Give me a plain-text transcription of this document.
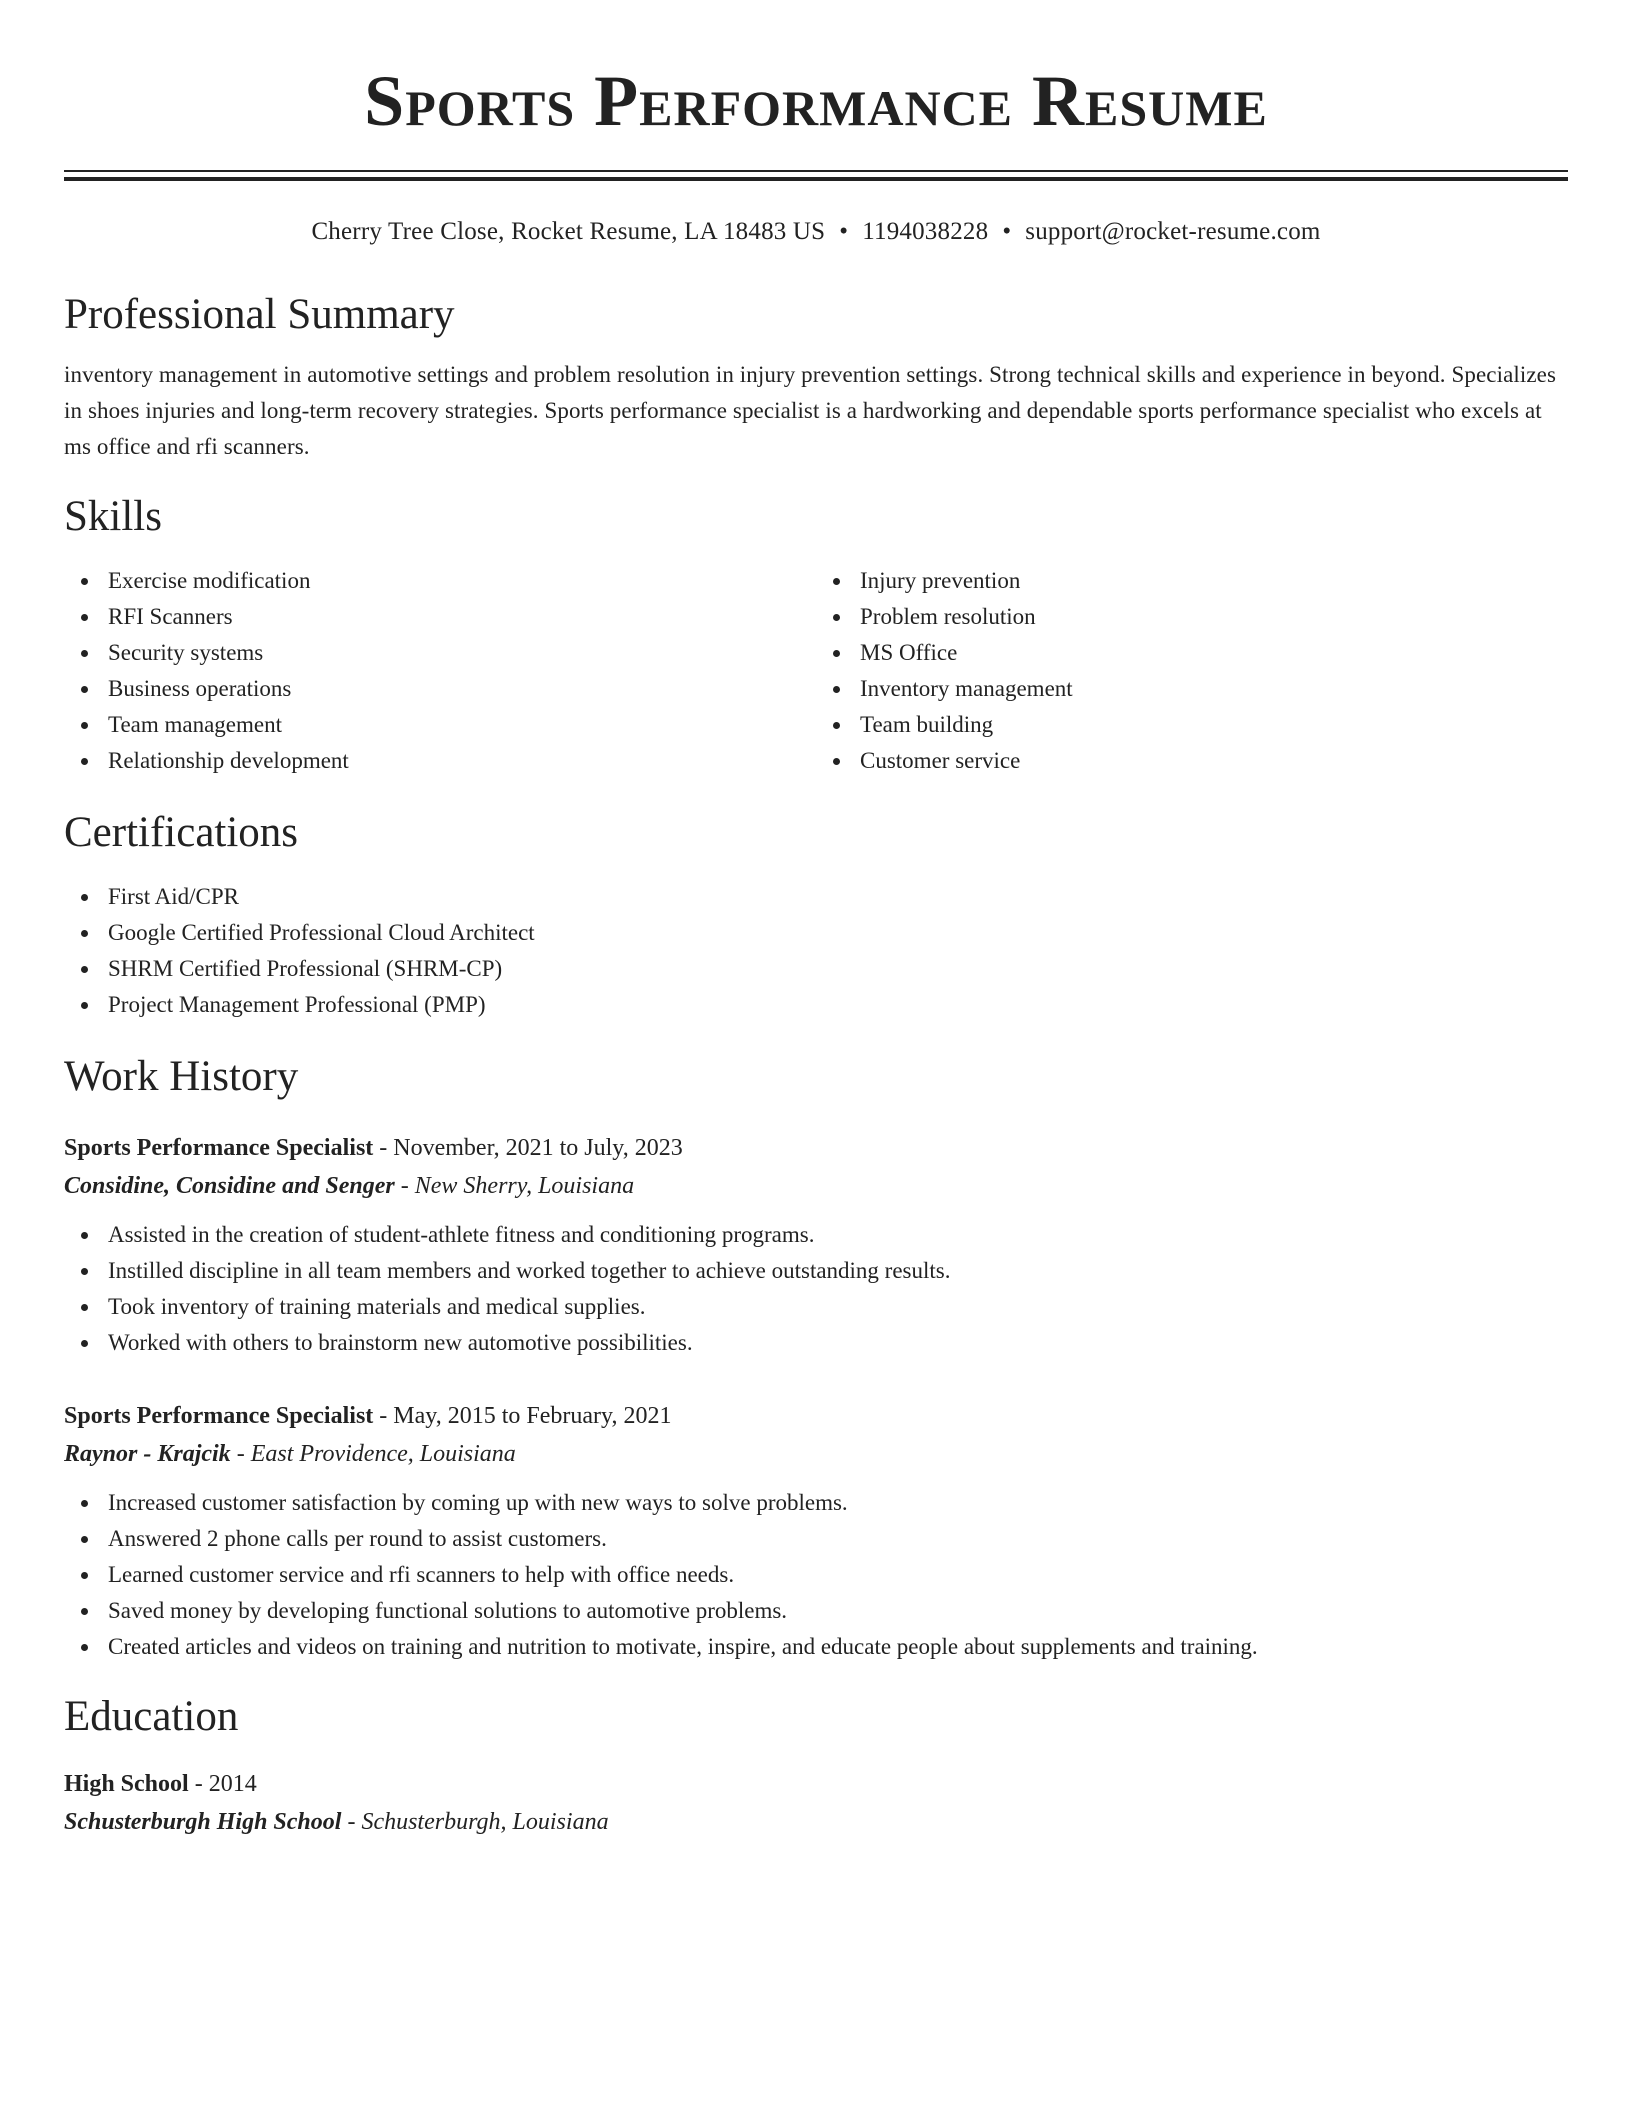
Sports Performance Resume
Cherry Tree Close, Rocket Resume, LA 18483 US • 1194038228 • support@rocket-resume.com
Professional Summary
inventory management in automotive settings and problem resolution in injury prevention settings. Strong technical skills and experience in beyond. Specializes in shoes injuries and long-term recovery strategies. Sports performance specialist is a hardworking and dependable sports performance specialist who excels at ms office and rfi scanners.
Skills
Exercise modification
RFI Scanners
Security systems
Business operations
Team management
Relationship development
Injury prevention
Problem resolution
MS Office
Inventory management
Team building
Customer service
Certifications
First Aid/CPR
Google Certified Professional Cloud Architect
SHRM Certified Professional (SHRM-CP)
Project Management Professional (PMP)
Work History
Sports Performance Specialist - November, 2021 to July, 2023
Considine, Considine and Senger - New Sherry, Louisiana
Assisted in the creation of student-athlete fitness and conditioning programs.
Instilled discipline in all team members and worked together to achieve outstanding results.
Took inventory of training materials and medical supplies.
Worked with others to brainstorm new automotive possibilities.
Sports Performance Specialist - May, 2015 to February, 2021
Raynor - Krajcik - East Providence, Louisiana
Increased customer satisfaction by coming up with new ways to solve problems.
Answered 2 phone calls per round to assist customers.
Learned customer service and rfi scanners to help with office needs.
Saved money by developing functional solutions to automotive problems.
Created articles and videos on training and nutrition to motivate, inspire, and educate people about supplements and training.
Education
High School - 2014
Schusterburgh High School - Schusterburgh, Louisiana
